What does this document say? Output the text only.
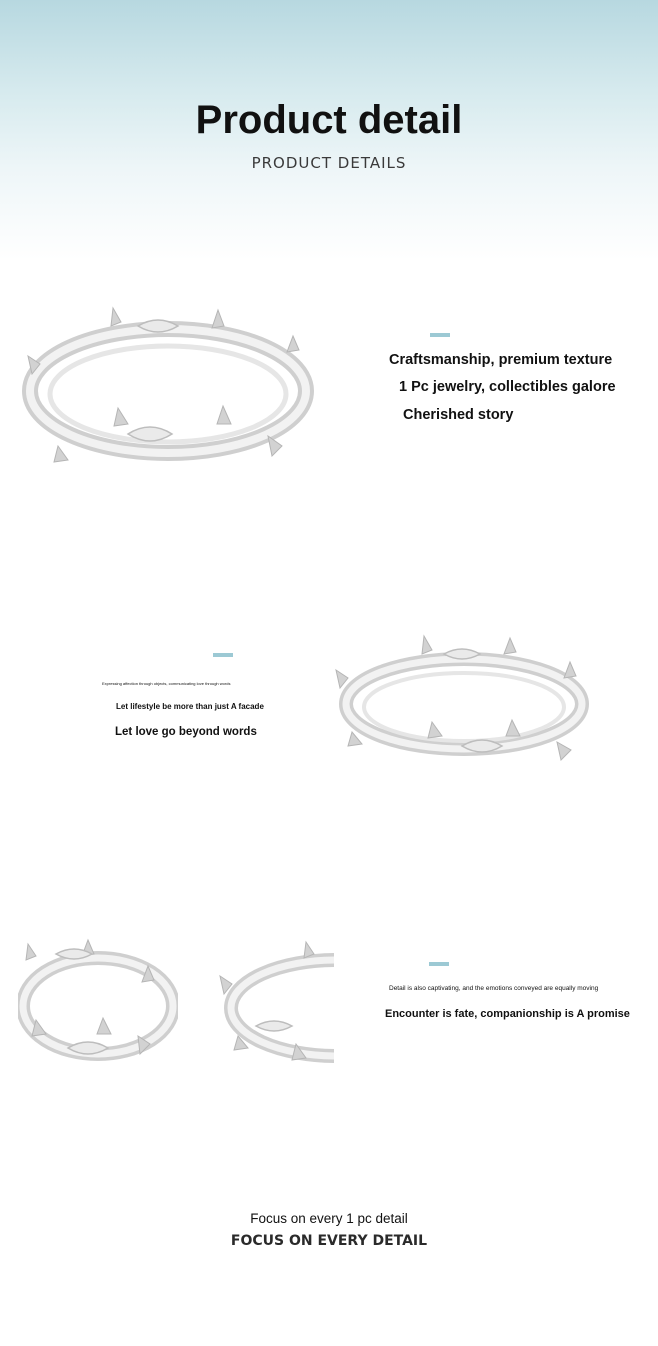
Product detail
PRODUCT DETAILS
Craftsmanship, premium texture
1 Pc jewelry, collectibles galore
Cherished story
Expressing affection through objects, communicating love through words
Let lifestyle be more than just A facade
Let love go beyond words
Detail is also captivating, and the emotions conveyed are equally moving
Encounter is fate, companionship is A promise
Focus on every 1 pc detail
FOCUS ON EVERY DETAIL
